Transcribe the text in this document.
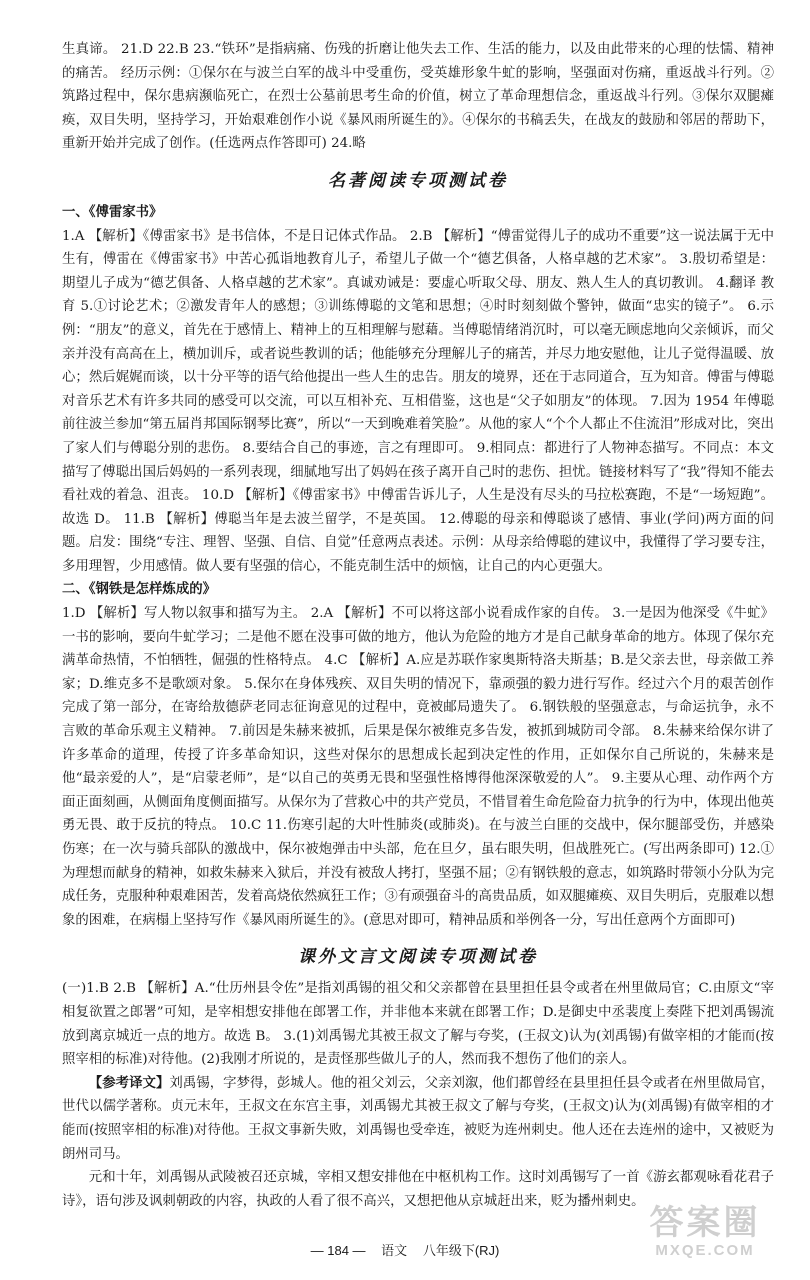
生真谛。 21.D 22.B 23.“铁环”是指病痛、伤残的折磨让他失去工作、生活的能力，以及由此带来的心理的怯懦、精神的痛苦。 经历示例：①保尔在与波兰白军的战斗中受重伤，受英雄形象牛虻的影响，坚强面对伤痛，重返战斗行列。②筑路过程中，保尔患病濒临死亡，在烈士公墓前思考生命的价值，树立了革命理想信念，重返战斗行列。③保尔双腿瘫痪，双目失明，坚持学习，开始艰难创作小说《暴风雨所诞生的》。④保尔的书稿丢失，在战友的鼓励和邻居的帮助下，重新开始并完成了创作。(任选两点作答即可) 24.略

名著阅读专项测试卷
一、《傅雷家书》

1.A 【解析】《傅雷家书》是书信体，不是日记体式作品。 2.B 【解析】“傅雷觉得儿子的成功不重要”这一说法属于无中生有，傅雷在《傅雷家书》中苦心孤诣地教育儿子，希望儿子做一个“德艺俱备，人格卓越的艺术家”。 3.殷切希望是：期望儿子成为“德艺俱备、人格卓越的艺术家”。真诚劝诫是：要虚心听取父母、朋友、熟人生人的真切教训。 4.翻译 教育 5.①讨论艺术；②激发青年人的感想；③训练傅聪的文笔和思想；④时时刻刻做个警钟，做面“忠实的镜子”。 6.示例：“朋友”的意义，首先在于感情上、精神上的互相理解与慰藉。当傅聪情绪消沉时，可以毫无顾虑地向父亲倾诉，而父亲并没有高高在上，横加训斥，或者说些教训的话；他能够充分理解儿子的痛苦，并尽力地安慰他，让儿子觉得温暖、放心；然后娓娓而谈，以十分平等的语气给他提出一些人生的忠告。朋友的境界，还在于志同道合，互为知音。傅雷与傅聪对音乐艺术有许多共同的感受可以交流，可以互相补充、互相借鉴，这也是“父子如朋友”的体现。 7.因为 1954 年傅聪前往波兰参加“第五届肖邦国际钢琴比赛”，所以“一天到晚难着笑脸”。从他的家人“个个人都止不住流泪”形成对比，突出了家人们与傅聪分别的悲伤。 8.要结合自己的事迹，言之有理即可。 9.相同点：都进行了人物神态描写。不同点：本文描写了傅聪出国后妈妈的一系列表现，细腻地写出了妈妈在孩子离开自己时的悲伤、担忧。链接材料写了“我”得知不能去看社戏的着急、沮丧。 10.D 【解析】《傅雷家书》中傅雷告诉儿子，人生是没有尽头的马拉松赛跑，不是“一场短跑”。故选 D。 11.B 【解析】傅聪当年是去波兰留学，不是英国。 12.傅聪的母亲和傅聪谈了感情、事业(学问)两方面的问题。启发：围绕“专注、理智、坚强、自信、自觉”任意两点表述。示例：从母亲给傅聪的建议中，我懂得了学习要专注，多用理智，少用感情。做人要有坚强的信心，不能克制生活中的烦恼，让自己的内心更强大。

二、《钢铁是怎样炼成的》

1.D 【解析】写人物以叙事和描写为主。 2.A 【解析】不可以将这部小说看成作家的自传。 3.一是因为他深受《牛虻》一书的影响，要向牛虻学习；二是他不愿在没事可做的地方，他认为危险的地方才是自己献身革命的地方。体现了保尔充满革命热情，不怕牺牲，倔强的性格特点。 4.C 【解析】A.应是苏联作家奥斯特洛夫斯基；B.是父亲去世，母亲做工养家；D.维克多不是歌颂对象。 5.保尔在身体残疾、双目失明的情况下，靠顽强的毅力进行写作。经过六个月的艰苦创作完成了第一部分，在寄给敖德萨老同志征询意见的过程中，竟被邮局遗失了。 6.钢铁般的坚强意志，与命运抗争，永不言败的革命乐观主义精神。 7.前因是朱赫来被抓，后果是保尔被维克多告发，被抓到城防司令部。 8.朱赫来给保尔讲了许多革命的道理，传授了许多革命知识，这些对保尔的思想成长起到决定性的作用，正如保尔自己所说的，朱赫来是他“最亲爱的人”，是“启蒙老师”，是“以自己的英勇无畏和坚强性格博得他深深敬爱的人”。 9.主要从心理、动作两个方面正面刻画，从侧面角度侧面描写。从保尔为了营救心中的共产党员，不惜冒着生命危险奋力抗争的行为中，体现出他英勇无畏、敢于反抗的特点。 10.C 11.伤寒引起的大叶性肺炎(或肺炎)。在与波兰白匪的交战中，保尔腿部受伤，并感染伤寒；在一次与骑兵部队的激战中，保尔被炮弹击中头部，危在旦夕，虽右眼失明，但战胜死亡。(写出两条即可) 12.①为理想而献身的精神，如救朱赫来入狱后，并没有被敌人拷打，坚强不屈；②有钢铁般的意志，如筑路时带领小分队为完成任务，克服种种艰难困苦，发着高烧依然疯狂工作；③有顽强奋斗的高贵品质，如双腿瘫痪、双目失明后，克服难以想象的困难，在病榻上坚持写作《暴风雨所诞生的》。(意思对即可，精神品质和举例各一分，写出任意两个方面即可)

课外文言文阅读专项测试卷

(一)1.B 2.B 【解析】A.“仕历州县令佐”是指刘禹锡的祖父和父亲都曾在县里担任县令或者在州里做局官；C.由原文“宰相复欲置之郎署”可知，是宰相想安排他在郎署工作，并非他本来就在郎署工作；D.是御史中丞裴度上奏陛下把刘禹锡流放到离京城近一点的地方。故选 B。 3.(1)刘禹锡尤其被王叔文了解与夸奖，(王叔文)认为(刘禹锡)有做宰相的才能而(按照宰相的标准)对待他。(2)我刚才所说的，是责怪那些做儿子的人，然而我不想伤了他们的亲人。

【参考译文】刘禹锡，字梦得，彭城人。他的祖父刘云，父亲刘溆，他们都曾经在县里担任县令或者在州里做局官，世代以儒学著称。贞元末年，王叔文在东宫主事，刘禹锡尤其被王叔文了解与夸奖，(王叔文)认为(刘禹锡)有做宰相的才能而(按照宰相的标准)对待他。王叔文事新失败，刘禹锡也受牵连，被贬为连州刺史。他人还在去连州的途中，又被贬为朗州司马。

元和十年，刘禹锡从武陵被召还京城，宰相又想安排他在中枢机构工作。这时刘禹锡写了一首《游玄都观咏看花君子诗》，语句涉及讽刺朝政的内容，执政的人看了很不高兴，又想把他从京城赶出来，贬为播州刺史。

— 184 — 语文 八年级下(RJ)
答案圈
MXQE.COM
